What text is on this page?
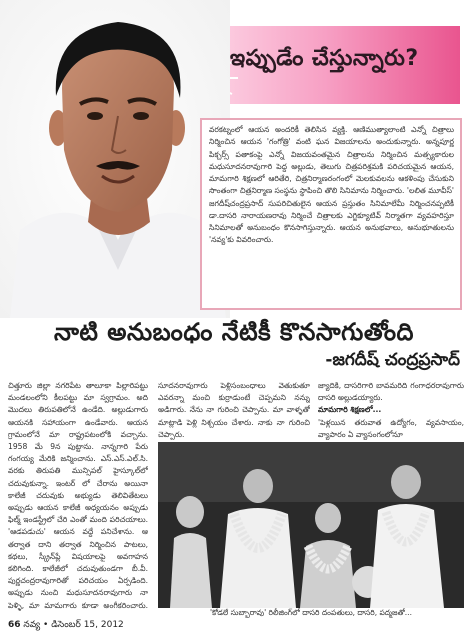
ఇప్పుడేం చేస్తున్నారు?

వరకట్నంలో ఆయన అందరికీ తెలిసిన వ్యక్తి. ఆణిముత్యాలాంటి ఎన్నో చిత్రాలు నిర్మించిన ఆయన 'గంగోత్రి' వంటి ఘన విజయాలను అందుకున్నారు. అన్నపూర్ణ పిక్చర్స్ పతాకంపై ఎన్నో విజయవంతమైన చిత్రాలను నిర్మించిన మత్స్యకారుల మధుసూదనరావుగారి పెద్ద అల్లుడు, తెలుగు చిత్రపరిశ్రమకి పరిచయమైన ఆయన, మామగారి శిక్షణలో ఆరితేరి, చిత్రనిర్మాణరంగంలో మెలకువలను ఆకళింపు చేసుకుని సొంతంగా చిత్రనిర్మాణ సంస్థను స్థాపించి తొలి సినిమాను నిర్మించారు. 'లలిత మూవీస్' జగదీష్‌చంద్రప్రసాద్ సుపరిచితులైన ఆయన ప్రస్తుతం సినిమాలేమీ నిర్మించనప్పటికీ డా.దాసరి నారాయణరావు నిర్మించే చిత్రాలకు ఎగ్జిక్యూటివ్ నిర్మాతగా వ్యవహరిస్తూ సినిమాలతో అనుబంధం కొనసాగిస్తున్నారు. ఆయన అనుభవాలు, అనుభూతులను 'నవ్య'కు వివరించారు.

నాటి అనుబంధం నేటికీ కొనసాగుతోంది
-జగదీష్ చంద్రప్రసాద్
చిత్తూరు జిల్లా నగరిపేట తాలూకా పిల్లారిపట్టు మండలంలోని కీలపట్టు మా స్వగ్రామం. అది మొదలు తిరుపతిలోనే ఉండేది. అల్లుడుగారు ఆయనకి సహాయంగా ఉండేవారు. ఆయన గ్రామంలోనే మా రాష్ట్రపటంలోకి వచ్చాను. 1958 మే 9న పుట్టాను. నాన్నగారి పేరు గంగయ్య మేరికి జన్మించాను. ఎస్.ఎస్.ఎల్.సి. వరకు తిరుపతి మున్సిపల్ హైస్కూల్‌లో చదువుకున్నా. ఇంటర్ లో చేరాను అయినా కాలేజీ చదువుకు అభ్యుడు తెలివితేటలు అప్పుడు ఆయన కాలేజీ అధ్యయనం అప్పుడు ఫిల్మ్ ఇండస్ట్రీలో చేరి ఎంతో మంది పరిచయాలు. 'ఆడపడుచు' ఆయన వద్దే పనిచేశాను. ఆ తర్వాత దాని తర్వాత నిర్మించిన పాటలు, కథలు, స్క్రీన్‌ప్లే విషయాలపై అవగాహన కలిగింది. కాలేజీలో చదువుతుండగా బీ.వీ. పుర్ణచంద్రరావుగారితో పరిచయం ఏర్పడింది. అప్పుడు నుంచి మధుసూదనరావుగారు నా పెళ్ళి, మా మామగారు కూడా అంగీకరించారు.
సూదనరావుగారు పెళ్లిసంబంధాలు వెతుకుతూ ఎవరన్నా మంచి కుర్రాడుంటే చెప్పమని నన్ను అడిగారు. నేను నా గురించి చెప్పాను. మా వాళ్ళతో మాట్లాడి పెళ్లి నిశ్చయం చేశారు. నాకు నా గురించి చెప్పారు.
జ్యాదికి, దాసరిగారి బావమరిది గంగాధరరావుగారు దాసరి అల్లుడయ్యారు.
మామగారి శిక్షణలో...
'పెళ్లయిన తరువాత ఉద్యోగం, వ్యవసాయం, వ్యాపారం ఏ వ్యాసంగంలోనూ
'కోడలే సుబ్బారావు' రిలీజింగ్‌లో దాసరి దంపతులు, దాసరి, పద్మజతో...
66 నవ్య • డిసెంబర్ 15, 2012
